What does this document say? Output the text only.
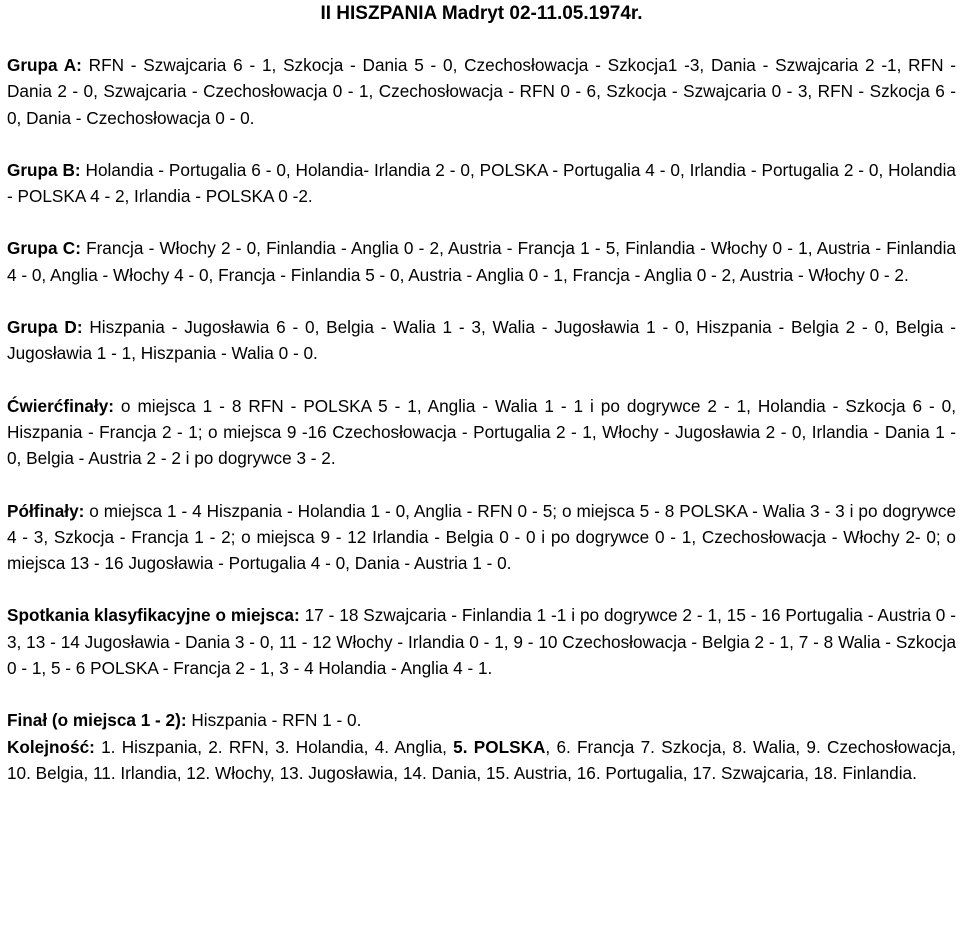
II HISZPANIA Madryt 02-11.05.1974r.

Grupa A: RFN - Szwajcaria 6 - 1, Szkocja - Dania 5 - 0, Czechosłowacja - Szkocja1 -3, Dania - Szwajcaria 2 -1, RFN - Dania 2 - 0, Szwajcaria - Czechosłowacja 0 - 1, Czechosłowacja - RFN 0 - 6, Szkocja - Szwajcaria 0 - 3, RFN - Szkocja 6 - 0, Dania - Czechosłowacja 0 - 0.

Grupa B: Holandia - Portugalia 6 - 0, Holandia- Irlandia 2 - 0, POLSKA - Portugalia 4 - 0, Irlandia - Portugalia 2 - 0, Holandia - POLSKA 4 - 2, Irlandia - POLSKA 0 -2.

Grupa C: Francja - Włochy 2 - 0, Finlandia - Anglia 0 - 2, Austria - Francja 1 - 5, Finlandia - Włochy 0 - 1, Austria - Finlandia 4 - 0, Anglia - Włochy 4 - 0, Francja - Finlandia 5 - 0, Austria - Anglia 0 - 1, Francja - Anglia 0 - 2, Austria - Włochy 0 - 2.

Grupa D: Hiszpania - Jugosławia 6 - 0, Belgia - Walia 1 - 3, Walia - Jugosławia 1 - 0, Hiszpania - Belgia 2 - 0, Belgia - Jugosławia 1 - 1, Hiszpania - Walia 0 - 0.

Ćwierćfinały: o miejsca 1 - 8 RFN - POLSKA 5 - 1, Anglia - Walia 1 - 1 i po dogrywce 2 - 1, Holandia - Szkocja 6 - 0, Hiszpania - Francja 2 - 1; o miejsca 9 -16 Czechosłowacja - Portugalia 2 - 1, Włochy - Jugosławia 2 - 0, Irlandia - Dania 1 - 0, Belgia - Austria 2 - 2 i po dogrywce 3 - 2.

Półfinały: o miejsca 1 - 4 Hiszpania - Holandia 1 - 0, Anglia - RFN 0 - 5; o miejsca 5 - 8 POLSKA - Walia 3 - 3 i po dogrywce 4 - 3, Szkocja - Francja 1 - 2; o miejsca 9 - 12 Irlandia - Belgia 0 - 0 i po dogrywce 0 - 1, Czechosłowacja - Włochy 2- 0; o miejsca 13 - 16 Jugosławia - Portugalia 4 - 0, Dania - Austria 1 - 0.

Spotkania klasyfikacyjne o miejsca: 17 - 18 Szwajcaria - Finlandia 1 -1 i po dogrywce 2 - 1, 15 - 16 Portugalia - Austria 0 - 3, 13 - 14 Jugosławia - Dania 3 - 0, 11 - 12 Włochy - Irlandia 0 - 1, 9 - 10 Czechosłowacja - Belgia 2 - 1, 7 - 8 Walia - Szkocja 0 - 1, 5 - 6 POLSKA - Francja 2 - 1, 3 - 4 Holandia - Anglia 4 - 1.

Finał (o miejsca 1 - 2): Hiszpania - RFN 1 - 0.
Kolejność: 1. Hiszpania, 2. RFN, 3. Holandia, 4. Anglia, 5. POLSKA, 6. Francja 7. Szkocja, 8. Walia, 9. Czechosłowacja, 10. Belgia, 11. Irlandia, 12. Włochy, 13. Jugosławia, 14. Dania, 15. Austria, 16. Portugalia, 17. Szwajcaria, 18. Finlandia.
